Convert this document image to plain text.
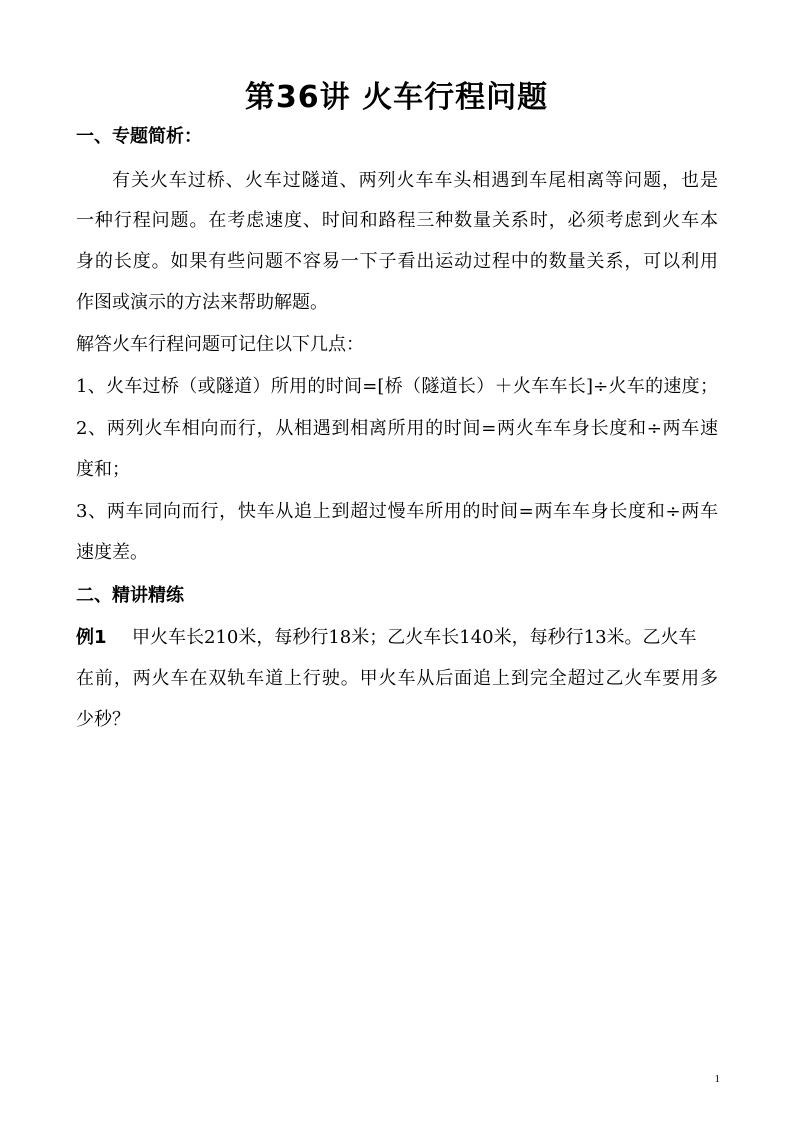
第36讲 火车行程问题
一、专题简析：
有关火车过桥、火车过隧道、两列火车车头相遇到车尾相离等问题，也是
一种行程问题。在考虑速度、时间和路程三种数量关系时，必须考虑到火车本
身的长度。如果有些问题不容易一下子看出运动过程中的数量关系，可以利用
作图或演示的方法来帮助解题。
解答火车行程问题可记住以下几点：
1、火车过桥（或隧道）所用的时间=[桥（隧道长）＋火车车长]÷火车的速度；
2、两列火车相向而行，从相遇到相离所用的时间=两火车车身长度和÷两车速
度和；
3、两车同向而行，快车从追上到超过慢车所用的时间=两车车身长度和÷两车
速度差。
二、精讲精练
例1 甲火车长210米，每秒行18米；乙火车长140米，每秒行13米。乙火车
在前，两火车在双轨车道上行驶。甲火车从后面追上到完全超过乙火车要用多
少秒？
1
